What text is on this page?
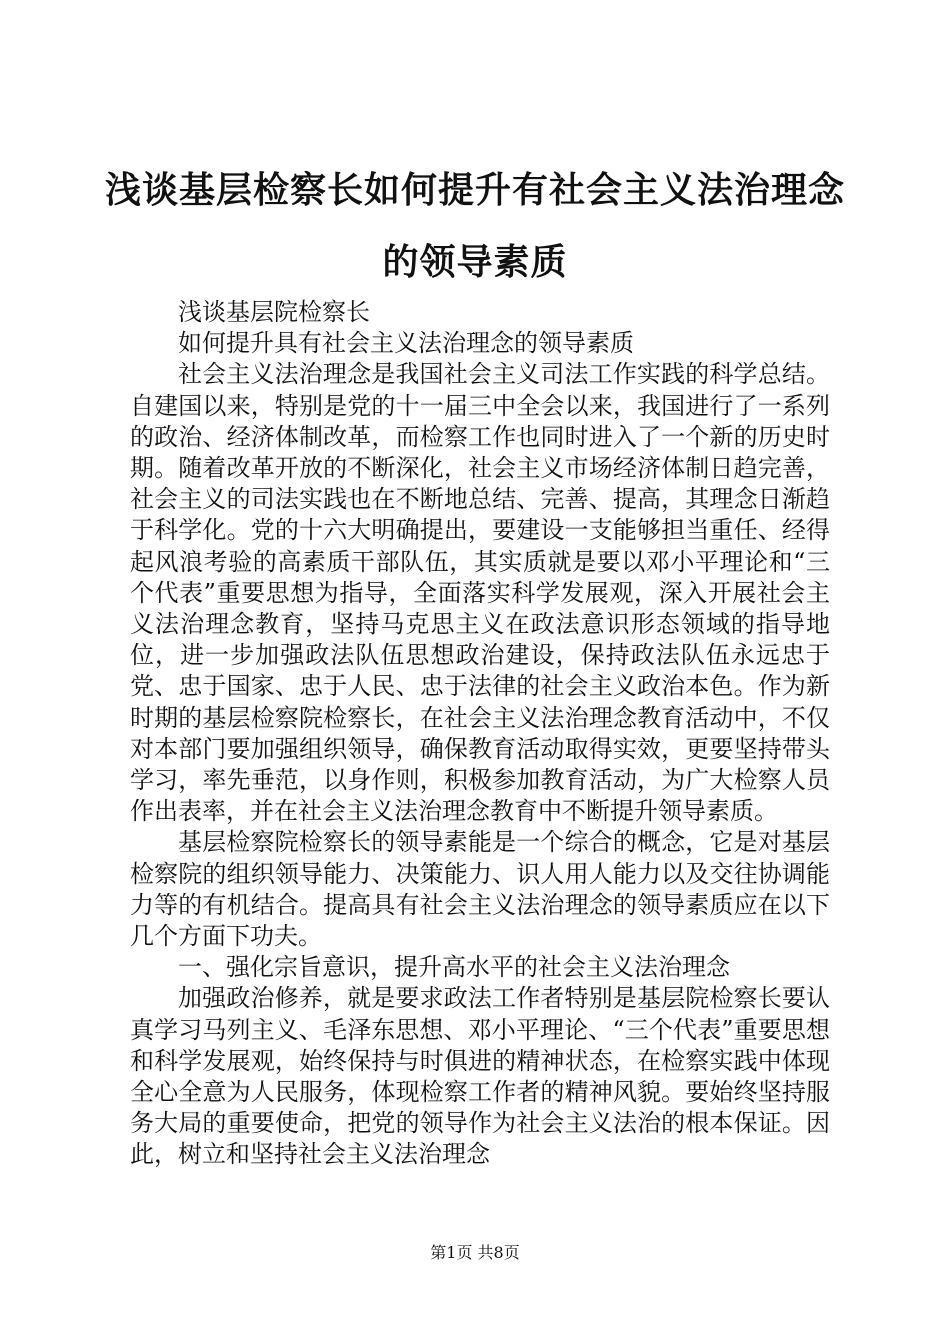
浅谈基层检察长如何提升有社会主义法治理念的领导素质

浅谈基层院检察长

如何提升具有社会主义法治理念的领导素质

社会主义法治理念是我国社会主义司法工作实践的科学总结。自建国以来，特别是党的十一届三中全会以来，我国进行了一系列的政治、经济体制改革，而检察工作也同时进入了一个新的历史时期。随着改革开放的不断深化，社会主义市场经济体制日趋完善，社会主义的司法实践也在不断地总结、完善、提高，其理念日渐趋于科学化。党的十六大明确提出，要建设一支能够担当重任、经得起风浪考验的高素质干部队伍，其实质就是要以邓小平理论和“三个代表”重要思想为指导，全面落实科学发展观，深入开展社会主义法治理念教育，坚持马克思主义在政法意识形态领域的指导地位，进一步加强政法队伍思想政治建设，保持政法队伍永远忠于党、忠于国家、忠于人民、忠于法律的社会主义政治本色。作为新时期的基层检察院检察长，在社会主义法治理念教育活动中，不仅对本部门要加强组织领导，确保教育活动取得实效，更要坚持带头学习，率先垂范，以身作则，积极参加教育活动，为广大检察人员作出表率，并在社会主义法治理念教育中不断提升领导素质。

基层检察院检察长的领导素能是一个综合的概念，它是对基层检察院的组织领导能力、决策能力、识人用人能力以及交往协调能力等的有机结合。提高具有社会主义法治理念的领导素质应在以下几个方面下功夫。

一、强化宗旨意识，提升高水平的社会主义法治理念

加强政治修养，就是要求政法工作者特别是基层院检察长要认真学习马列主义、毛泽东思想、邓小平理论、“三个代表”重要思想和科学发展观，始终保持与时俱进的精神状态，在检察实践中体现全心全意为人民服务，体现检察工作者的精神风貌。要始终坚持服务大局的重要使命，把党的领导作为社会主义法治的根本保证。因此，树立和坚持社会主义法治理念

第1页 共8页
